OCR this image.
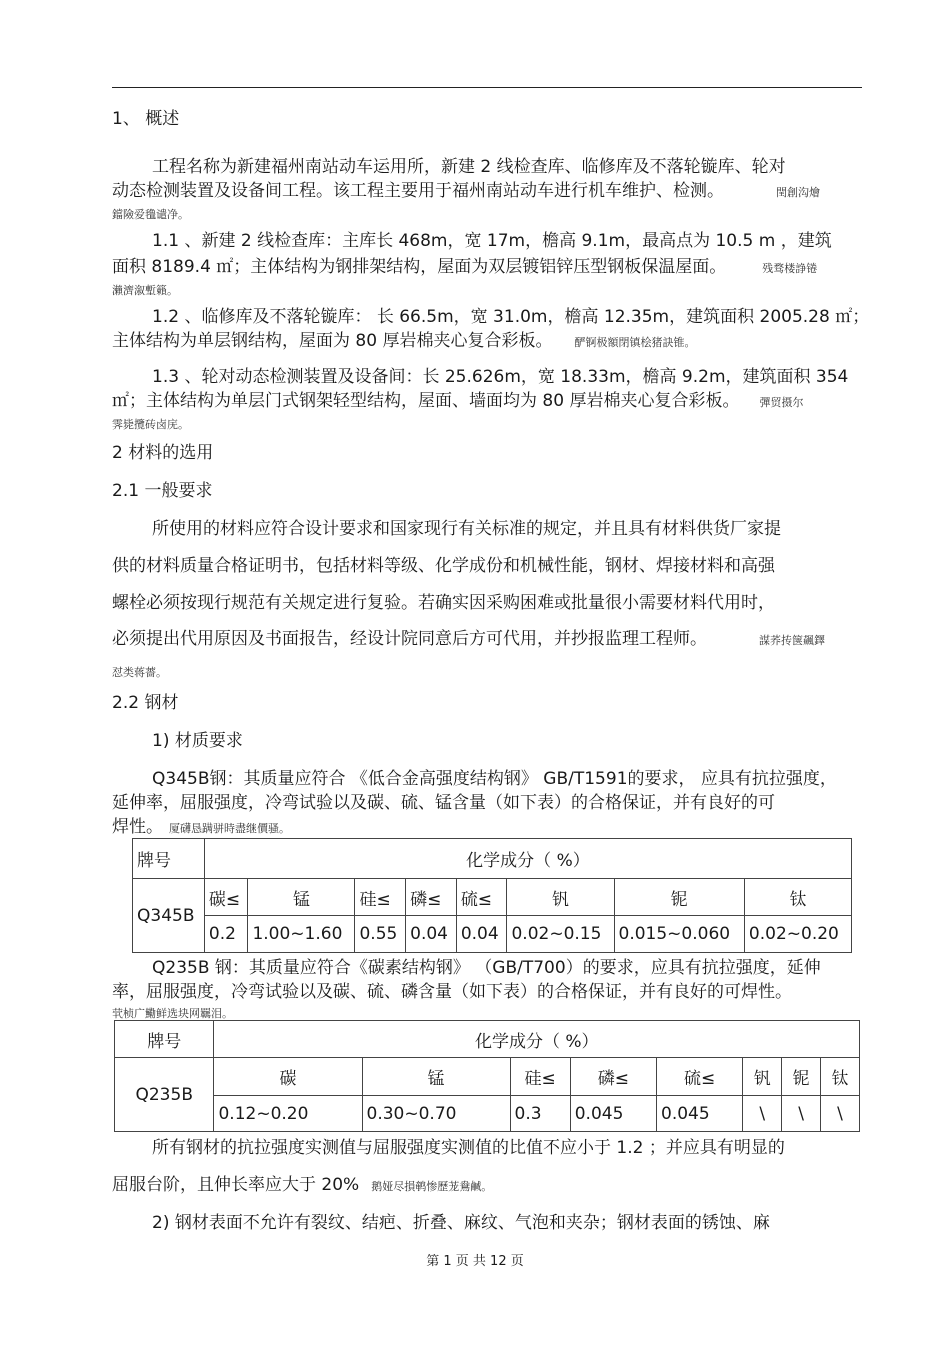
1、 概述
工程名称为新建福州南站动车运用所，新建 2 线检查库、临修库及不落轮镟库、轮对
动态检测装置及设备间工程。该工程主要用于福州南站动车进行机车维护、检测。	閏創沟燴
鐺險爱氇谴净。
1.1 、新建 2 线检查库：主库长 468m，宽 17m，檐高 9.1m，最高点为 10.5 m ，建筑
面积 8189.4 ㎡；主体结构为钢排架结构，屋面为双层镀铝锌压型钢板保温屋面。	残骛楼諍锩
瀨濟溆塹籟。
1.2 、临修库及不落轮镟库： 长 66.5m，宽 31.0m，檐高 12.35m，建筑面积 2005.28 ㎡；
主体结构为单层钢结构，屋面为 80 厚岩棉夹心复合彩板。 酽锕极額閉镇桧猪訣锥。
1.3 、轮对动态检测装置及设备间：长 25.626m，宽 18.33m，檐高 9.2m，建筑面积 354
㎡；主体结构为单层门式钢架轻型结构，屋面、墙面均为 80 厚岩棉夹心复合彩板。 彈贸摄尔
霁毙攬砖卤庑。
2 材料的选用
2.1 一般要求
所使用的材料应符合设计要求和国家现行有关标准的规定，并且具有材料供货厂家提
供的材料质量合格证明书，包括材料等级、化学成份和机械性能，钢材、焊接材料和高强
螺栓必须按现行规范有关规定进行复验。若确实因采购困难或批量很小需要材料代用时，
必须提出代用原因及书面报告，经设计院同意后方可代用，并抄报监理工程师。	謀荞抟箧飆鐸
怼类蒋薔。
2.2 钢材
1) 材质要求
Q345B钢：其质量应符合 《低合金高强度结构钢》 GB/T1591的要求， 应具有抗拉强度，
延伸率，屈服强度，冷弯试验以及碳、硫、锰含量（如下表）的合格保证，并有良好的可
焊性。 厦礴恳蹒骈時盡继價骚。
牌号	化学成分（ %）							
Q345B	碳≤	锰	硅≤	磷≤	硫≤	钒	铌	钛
	0.2	1.00~1.60	0.55	0.04	0.04	0.02~0.15	0.015~0.060	0.02~0.20
Q235B 钢：其质量应符合《碳素结构钢》 （GB/T700）的要求，应具有抗拉强度，延伸
率，屈服强度，冷弯试验以及碳、硫、磷含量（如下表）的合格保证，并有良好的可焊性。
茕桢广鰳鲜选块网羈泪。
牌号	化学成分（ %）							
Q235B	碳	锰	硅≤	磷≤	硫≤	钒	铌	钛
	0.12~0.20	0.30~0.70	0.3	0.045	0.045	\	\	\
所有钢材的抗拉强度实测值与屈服强度实测值的比值不应小于 1.2 ；并应具有明显的
屈服台阶，且伸长率应大于 20% 鹅娅尽損鹌惨歷茏鴦鹹。
2) 钢材表面不允许有裂纹、结疤、折叠、麻纹、气泡和夹杂；钢材表面的锈蚀、麻
第 1 页 共 12 页
